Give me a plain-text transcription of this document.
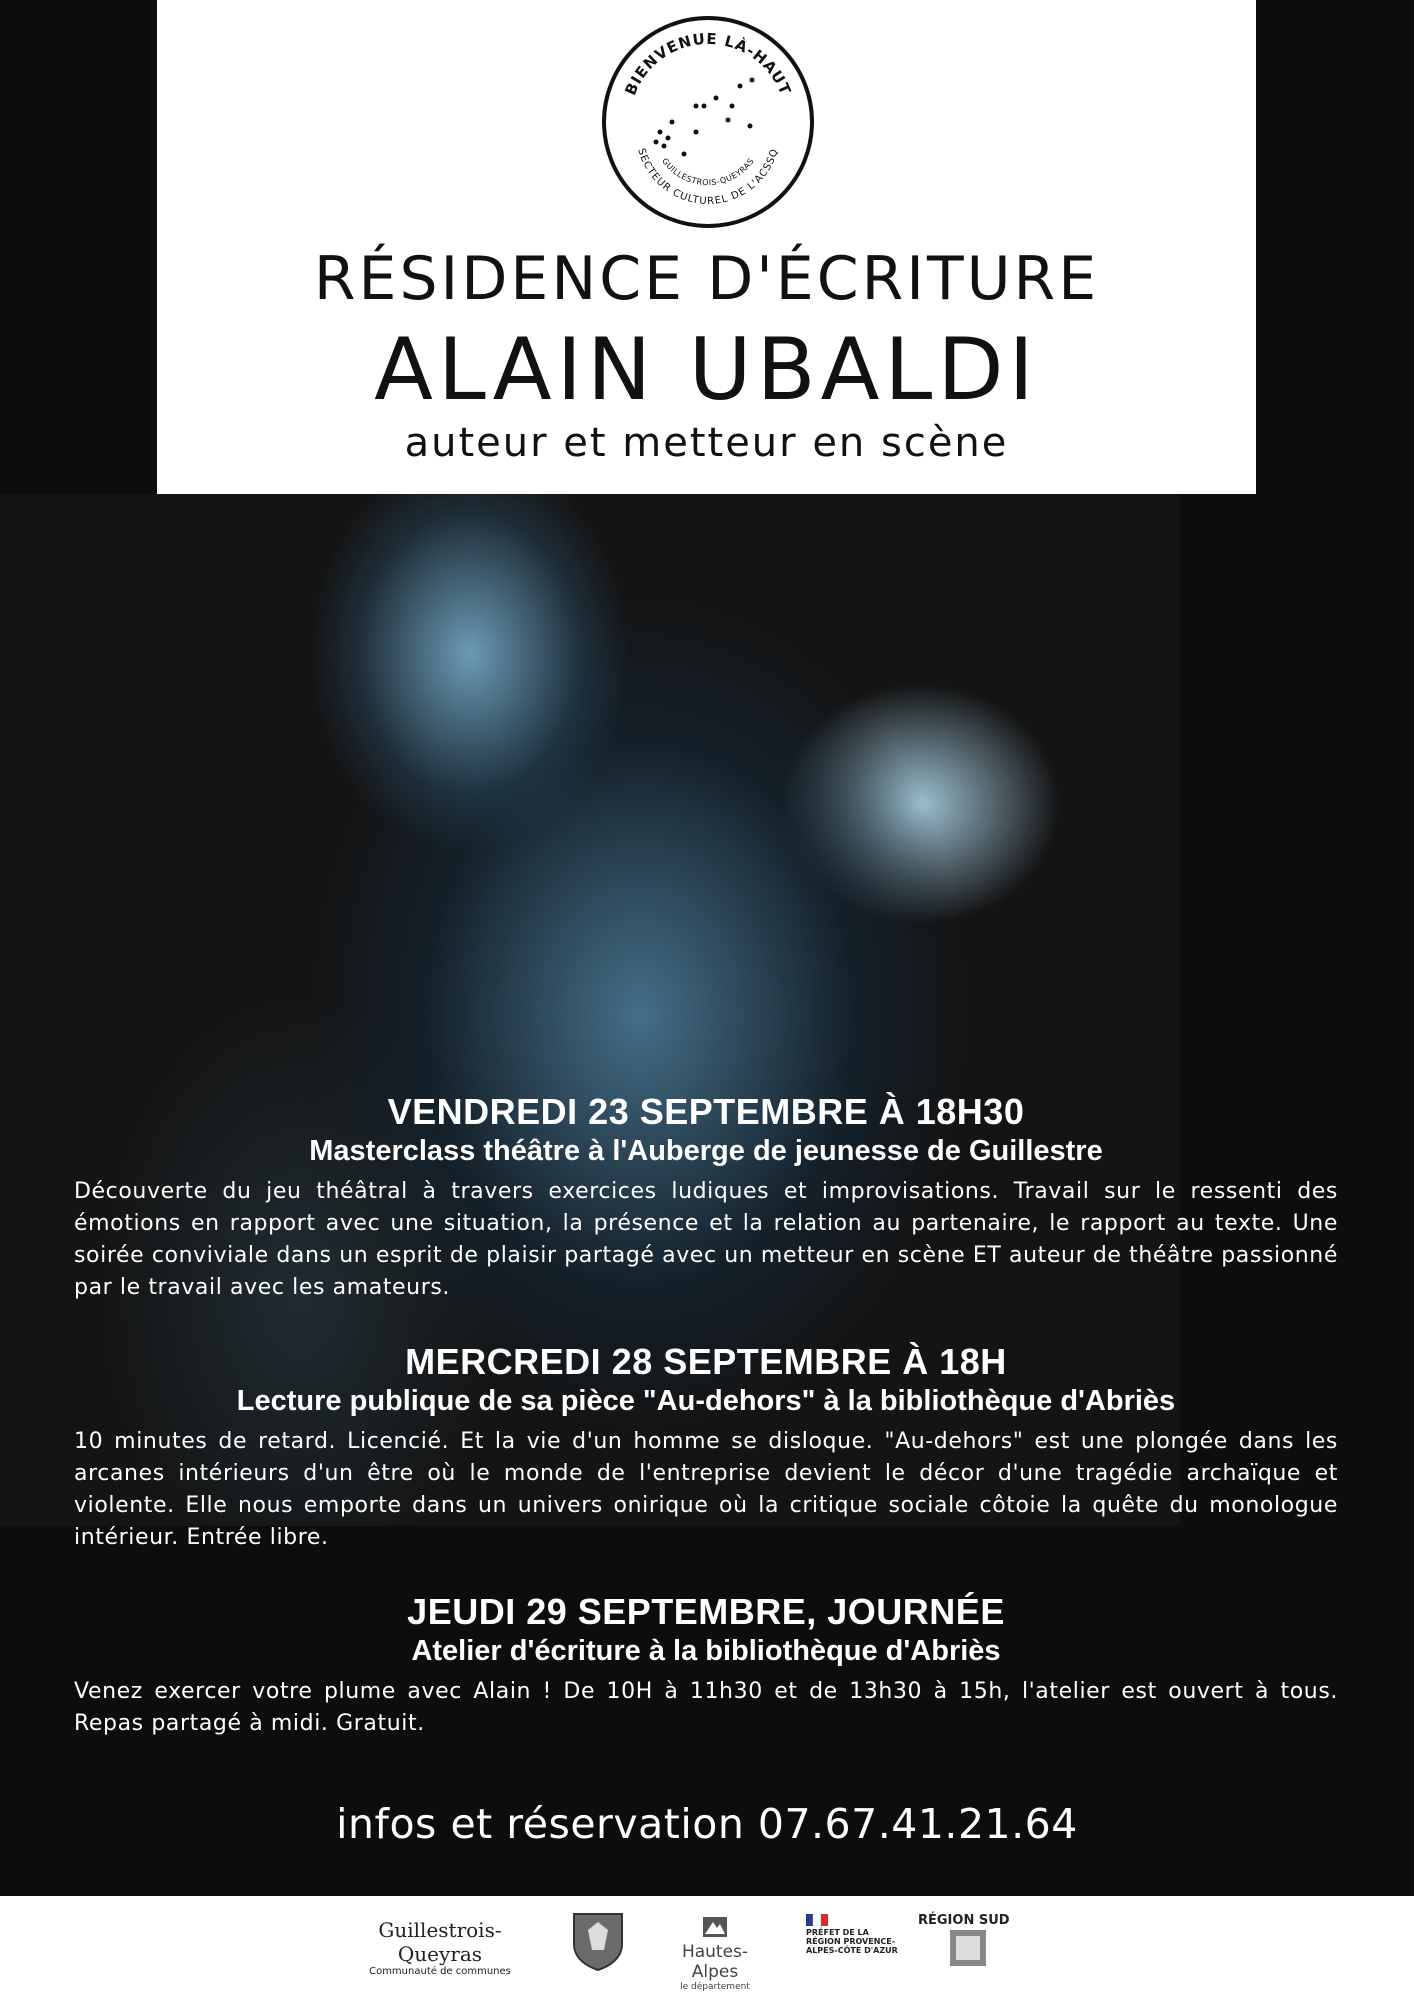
BIENVENUE LÀ-HAUT
SECTEUR CULTUREL DE L'ACSSQ
GUILLESTROIS-QUEYRAS
RÉSIDENCE D'ÉCRITURE
ALAIN UBALDI
auteur et metteur en scène
VENDREDI 23 SEPTEMBRE À 18H30
Masterclass théâtre à l'Auberge de jeunesse de Guillestre

Découverte du jeu théâtral à travers exercices ludiques et improvisations. Travail sur le ressenti des émotions en rapport avec une situation, la présence et la relation au partenaire, le rapport au texte. Une soirée conviviale dans un esprit de plaisir partagé avec un metteur en scène ET auteur de théâtre passionné par le travail avec les amateurs.

MERCREDI 28 SEPTEMBRE À 18H
Lecture publique de sa pièce "Au-dehors" à la bibliothèque d'Abriès

10 minutes de retard. Licencié. Et la vie d'un homme se disloque. "Au-dehors" est une plongée dans les arcanes intérieurs d'un être où le monde de l'entreprise devient le décor d'une tragédie archaïque et violente. Elle nous emporte dans un univers onirique où la critique sociale côtoie la quête du monologue intérieur. Entrée libre.

JEUDI 29 SEPTEMBRE, JOURNÉE
Atelier d'écriture à la bibliothèque d'Abriès

Venez exercer votre plume avec Alain ! De 10H à 11h30 et de 13h30 à 15h, l'atelier est ouvert à tous. Repas partagé à midi. Gratuit.

infos et réservation 07.67.41.21.64
Guillestrois-Queyras
Communauté de communes
Hautes-Alpes
le département
PRÉFET DE LA RÉGION PROVENCE-ALPES-CÔTE D'AZUR
RÉGION SUD
